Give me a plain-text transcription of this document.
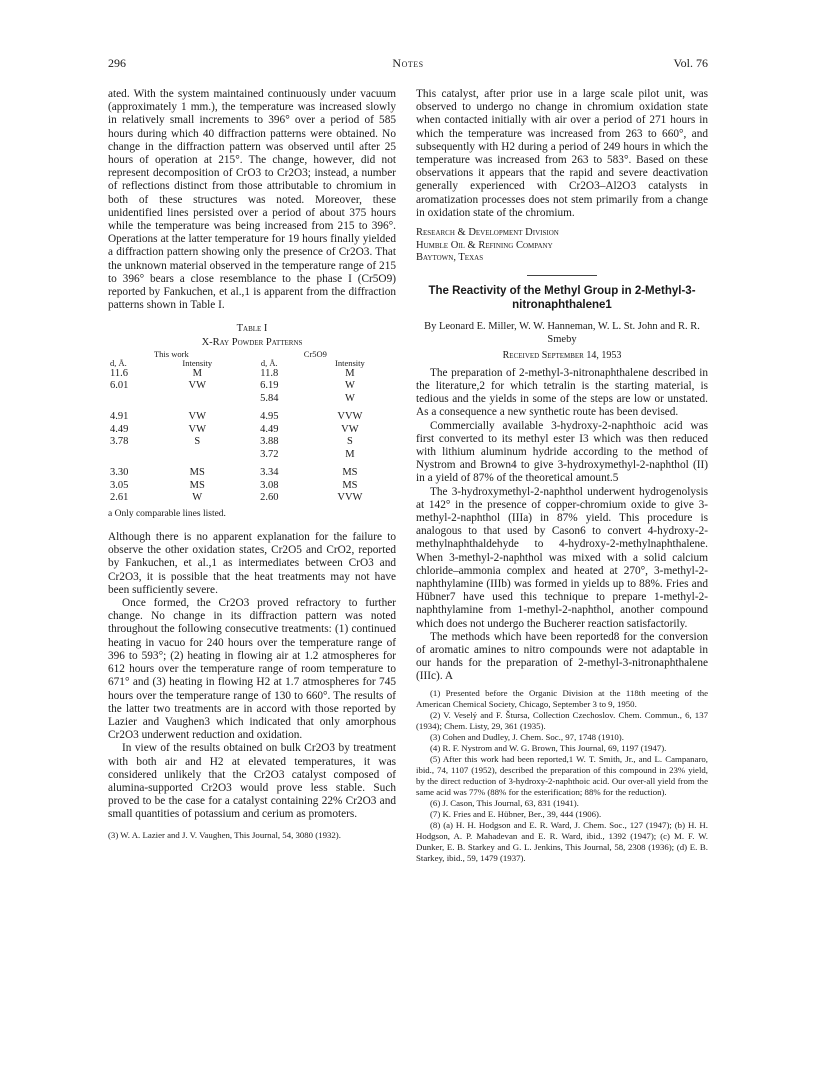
296	Notes	Vol. 76

ated. With the system maintained continuously under vacuum (approximately 1 mm.), the temperature was increased slowly in relatively small increments to 396° over a period of 585 hours during which 40 diffraction patterns were obtained. No change in the diffraction pattern was observed until after 25 hours of operation at 215°. The change, however, did not represent decomposition of CrO3 to Cr2O3; instead, a number of reflections distinct from those attributable to chromium in both of these structures was noted. Moreover, these unidentified lines persisted over a period of about 375 hours while the temperature was being increased from 215 to 396°. Operations at the latter temperature for 19 hours finally yielded a diffraction pattern showing only the presence of Cr2O3. That the unknown material observed in the temperature range of 215 to 396° bears a close resemblance to the phase I (Cr5O9) reported by Fankuchen, et al.,1 is apparent from the diffraction patterns shown in Table I.

Table I
X-Ray Powder Patterns
This work		Cr5O9	
d, Å.	Intensity	d, Å.	Intensity
11.6	M	11.8	M
6.01	VW	6.19	W
		5.84	W
4.91	VW	4.95	VVW
4.49	VW	4.49	VW
3.78	S	3.88	S
		3.72	M
3.30	MS	3.34	MS
3.05	MS	3.08	MS
2.61	W	2.60	VVW
a Only comparable lines listed.

Although there is no apparent explanation for the failure to observe the other oxidation states, Cr2O5 and CrO2, reported by Fankuchen, et al.,1 as intermediates between CrO3 and Cr2O3, it is possible that the heat treatments may not have been sufficiently severe.

Once formed, the Cr2O3 proved refractory to further change. No change in its diffraction pattern was noted throughout the following consecutive treatments: (1) continued heating in vacuo for 240 hours over the temperature range of 396 to 593°; (2) heating in flowing air at 1.2 atmospheres for 612 hours over the temperature range of room temperature to 671° and (3) heating in flowing H2 at 1.7 atmospheres for 745 hours over the temperature range of 130 to 660°. The results of the latter two treatments are in accord with those reported by Lazier and Vaughen3 which indicated that only amorphous Cr2O3 underwent reduction and oxidation.

In view of the results obtained on bulk Cr2O3 by treatment with both air and H2 at elevated temperatures, it was considered unlikely that the Cr2O3 catalyst composed of alumina-supported Cr2O3 would prove less stable. Such proved to be the case for a catalyst containing 22% Cr2O3 and small quantities of potassium and cerium as promoters.

(3) W. A. Lazier and J. V. Vaughen, This Journal, 54, 3080 (1932).

This catalyst, after prior use in a large scale pilot unit, was observed to undergo no change in chromium oxidation state when contacted initially with air over a period of 271 hours in which the temperature was increased from 263 to 660°, and subsequently with H2 during a period of 249 hours in which the temperature was increased from 263 to 583°. Based on these observations it appears that the rapid and severe deactivation generally experienced with Cr2O3–Al2O3 catalysts in aromatization processes does not stem primarily from a change in oxidation state of the chromium.

Research & Development Division
Humble Oil & Refining Company
Baytown, Texas
The Reactivity of the Methyl Group in 2-Methyl-3-nitronaphthalene1
By Leonard E. Miller, W. W. Hanneman, W. L. St. John and R. R. Smeby
Received September 14, 1953

The preparation of 2-methyl-3-nitronaphthalene described in the literature,2 for which tetralin is the starting material, is tedious and the yields in some of the steps are low or unstated. As a consequence a new synthetic route has been devised.

Commercially available 3-hydroxy-2-naphthoic acid was first converted to its methyl ester I3 which was then reduced with lithium aluminum hydride according to the method of Nystrom and Brown4 to give 3-hydroxymethyl-2-naphthol (II) in a yield of 87% of the theoretical amount.5

The 3-hydroxymethyl-2-naphthol underwent hydrogenolysis at 142° in the presence of copper-chromium oxide to give 3-methyl-2-naphthol (IIIa) in 87% yield. This procedure is analogous to that used by Cason6 to convert 4-hydroxy-2-methylnaphthaldehyde to 4-hydroxy-2-methylnaphthalene. When 3-methyl-2-naphthol was mixed with a solid calcium chloride–ammonia complex and heated at 270°, 3-methyl-2-naphthylamine (IIIb) was formed in yields up to 88%. Fries and Hübner7 have used this technique to prepare 1-methyl-2-naphthylamine from 1-methyl-2-naphthol, another compound which does not undergo the Bucherer reaction satisfactorily.

The methods which have been reported8 for the conversion of aromatic amines to nitro compounds were not adaptable in our hands for the preparation of 2-methyl-3-nitronaphthalene (IIIc). A

(1) Presented before the Organic Division at the 118th meeting of the American Chemical Society, Chicago, September 3 to 9, 1950.

(2) V. Veselý and F. Štursa, Collection Czechoslov. Chem. Commun., 6, 137 (1934); Chem. Listy, 29, 361 (1935).

(3) Cohen and Dudley, J. Chem. Soc., 97, 1748 (1910).

(4) R. F. Nystrom and W. G. Brown, This Journal, 69, 1197 (1947).

(5) After this work had been reported,1 W. T. Smith, Jr., and L. Campanaro, ibid., 74, 1107 (1952), described the preparation of this compound in 23% yield, by the direct reduction of 3-hydroxy-2-naphthoic acid. Our over-all yield from the same acid was 77% (88% for the esterification; 88% for the reduction).

(6) J. Cason, This Journal, 63, 831 (1941).

(7) K. Fries and E. Hübner, Ber., 39, 444 (1906).

(8) (a) H. H. Hodgson and E. R. Ward, J. Chem. Soc., 127 (1947); (b) H. H. Hodgson, A. P. Mahadevan and E. R. Ward, ibid., 1392 (1947); (c) M. F. W. Dunker, E. B. Starkey and G. L. Jenkins, This Journal, 58, 2308 (1936); (d) E. B. Starkey, ibid., 59, 1479 (1937).
